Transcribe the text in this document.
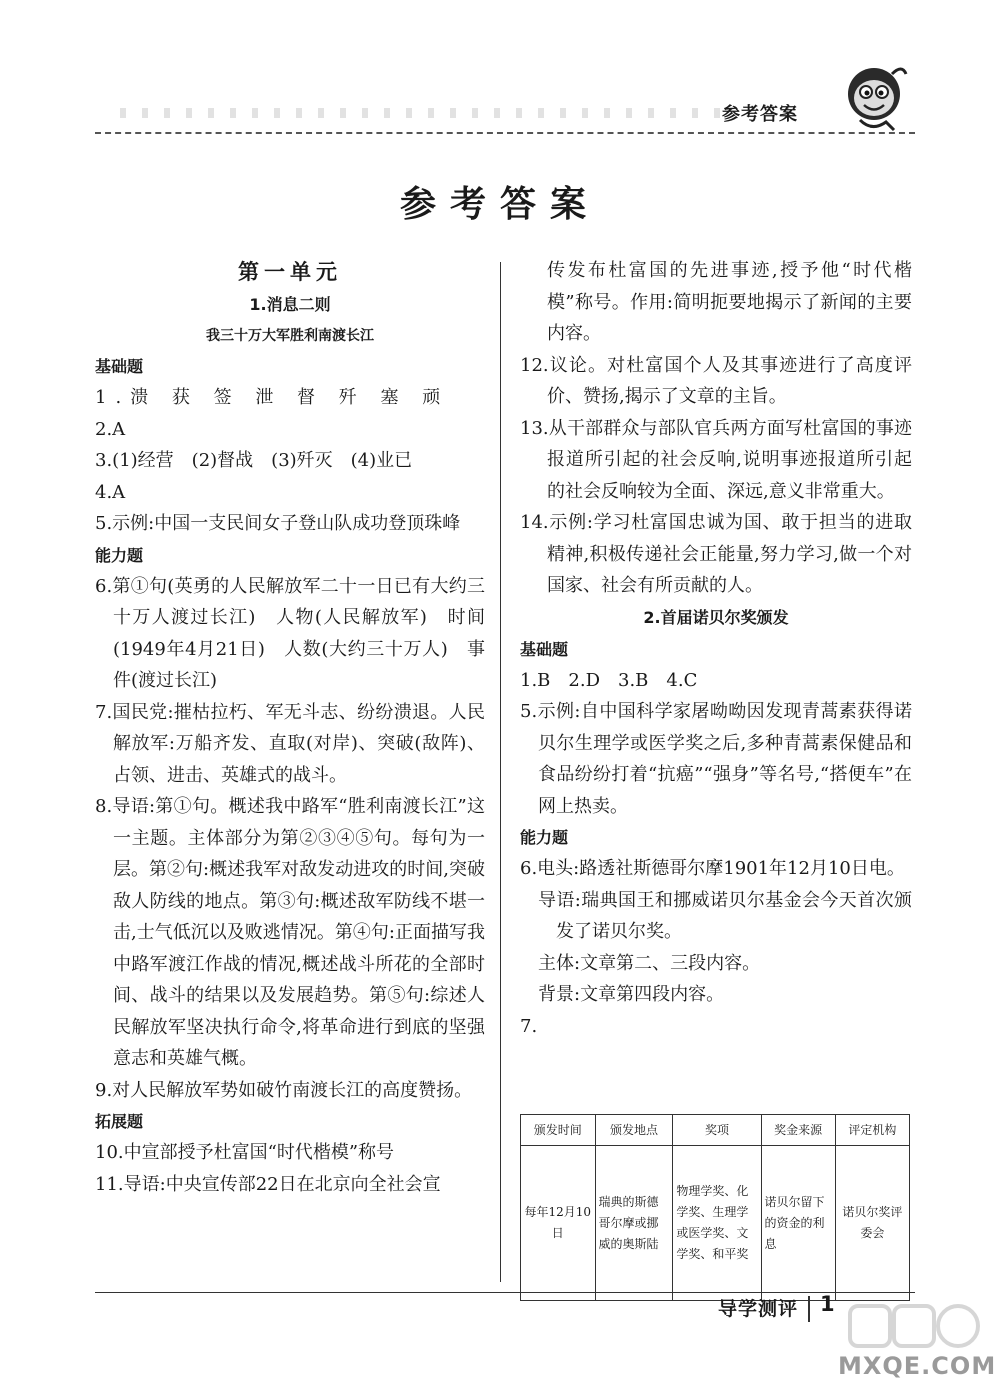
参考答案
参考答案

第一单元

1.消息二则

我三十万大军胜利南渡长江

基础题

1.溃 获 签 泄 督 歼 塞 顽

2.A

3.(1)经营　(2)督战　(3)歼灭　(4)业已

4.A

5.示例:中国一支民间女子登山队成功登顶珠峰

能力题

6.第①句(英勇的人民解放军二十一日已有大约三十万人渡过长江)　人物(人民解放军)　时间(1949年4月21日)　人数(大约三十万人)　事件(渡过长江)

7.国民党:摧枯拉朽、军无斗志、纷纷溃退。人民解放军:万船齐发、直取(对岸)、突破(敌阵)、占领、进击、英雄式的战斗。

8.导语:第①句。概述我中路军“胜利南渡长江”这一主题。主体部分为第②③④⑤句。每句为一层。第②句:概述我军对敌发动进攻的时间,突破敌人防线的地点。第③句:概述敌军防线不堪一击,士气低沉以及败逃情况。第④句:正面描写我中路军渡江作战的情况,概述战斗所花的全部时间、战斗的结果以及发展趋势。第⑤句:综述人民解放军坚决执行命令,将革命进行到底的坚强意志和英雄气概。

9.对人民解放军势如破竹南渡长江的高度赞扬。

拓展题

10.中宣部授予杜富国“时代楷模”称号

11.导语:中央宣传部22日在北京向全社会宣

传发布杜富国的先进事迹,授予他“时代楷模”称号。作用:简明扼要地揭示了新闻的主要内容。

12.议论。对杜富国个人及其事迹进行了高度评价、赞扬,揭示了文章的主旨。

13.从干部群众与部队官兵两方面写杜富国的事迹报道所引起的社会反响,说明事迹报道所引起的社会反响较为全面、深远,意义非常重大。

14.示例:学习杜富国忠诚为国、敢于担当的进取精神,积极传递社会正能量,努力学习,做一个对国家、社会有所贡献的人。

2.首届诺贝尔奖颁发

基础题

1.B　2.D　3.B　4.C

5.示例:自中国科学家屠呦呦因发现青蒿素获得诺贝尔生理学或医学奖之后,多种青蒿素保健品和食品纷纷打着“抗癌”“强身”等名号,“搭便车”在网上热卖。

能力题

6.电头:路透社斯德哥尔摩1901年12月10日电。

导语:瑞典国王和挪威诺贝尔基金会今天首次颁发了诺贝尔奖。

主体:文章第二、三段内容。

背景:文章第四段内容。

7.

颁发时间	颁发地点	奖项	奖金来源	评定机构
每年12月10日	瑞典的斯德哥尔摩或挪威的奥斯陆	物理学奖、化学奖、生理学或医学奖、文学奖、和平奖	诺贝尔留下的资金的利息	诺贝尔奖评委会
导学测评 1
MXQE.COM
